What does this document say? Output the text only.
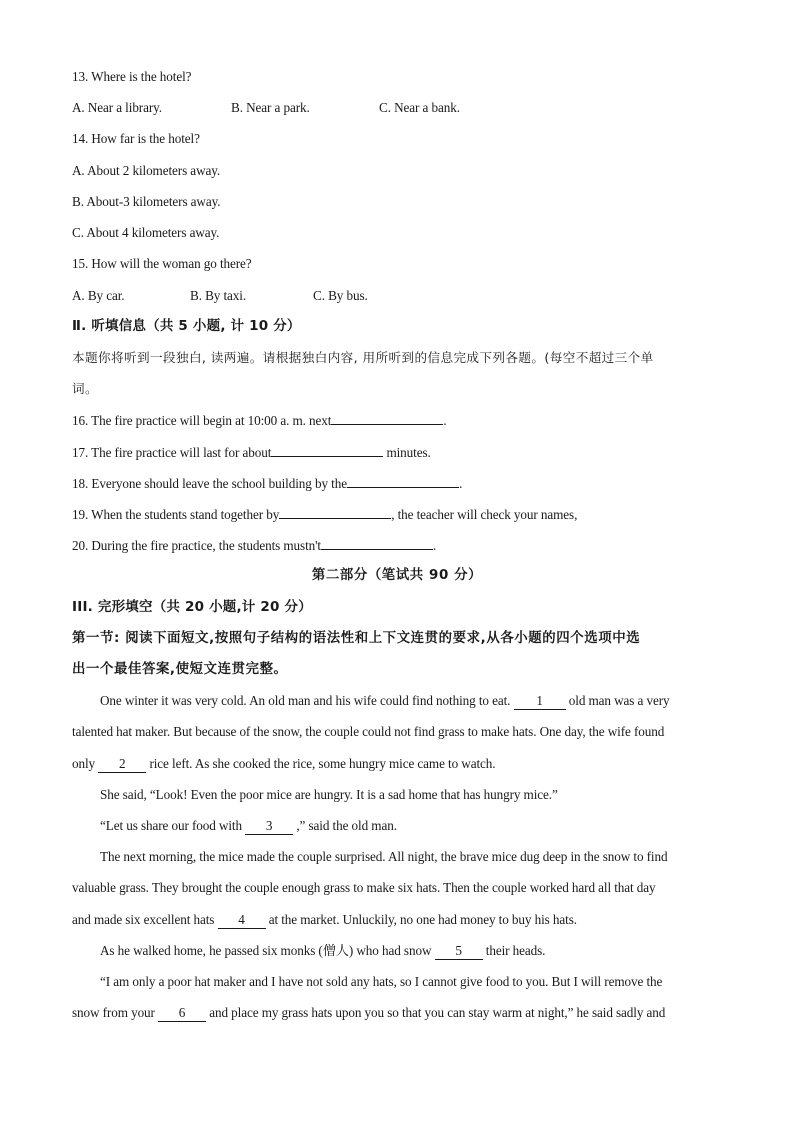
13. Where is the hotel?
A. Near a library.	B. Near a park.	C. Near a bank.
14. How far is the hotel?
A. About 2 kilometers away.
B. About-3 kilometers away.
C. About 4 kilometers away.
15. How will the woman go there?
A. By car.	B. By taxi.	C. By bus.
Ⅱ. 听填信息（共 5 小题, 计 10 分）
本题你将听到一段独白, 读两遍。请根据独白内容, 用所听到的信息完成下列各题。(每空不超过三个单
词。
16. The fire practice will begin at 10:00 a. m. next	.
17. The fire practice will last for about	minutes.
18. Everyone should leave the school building by the	.
19. When the students stand together by	, the teacher will check your names,
20. During the fire practice, the students mustn't	.
第二部分（笔试共 90 分）
III. 完形填空（共 20 小题,计 20 分）
第一节: 阅读下面短文,按照句子结构的语法性和上下文连贯的要求,从各小题的四个选项中选
出一个最佳答案,使短文连贯完整。
One winter it was very cold. An old man and his wife could find nothing to eat. 1 old man was a very
talented hat maker. But because of the snow, the couple could not find grass to make hats. One day, the wife found
only 2 rice left. As she cooked the rice, some hungry mice came to watch.
She said, “Look! Even the poor mice are hungry. It is a sad home that has hungry mice.”
“Let us share our food with 3 ,” said the old man.
The next morning, the mice made the couple surprised. All night, the brave mice dug deep in the snow to find
valuable grass. They brought the couple enough grass to make six hats. Then the couple worked hard all that day
and made six excellent hats 4 at the market. Unluckily, no one had money to buy his hats.
As he walked home, he passed six monks (僧人) who had snow 5 their heads.
“I am only a poor hat maker and I have not sold any hats, so I cannot give food to you. But I will remove the
snow from your 6 and place my grass hats upon you so that you can stay warm at night,” he said sadly and
